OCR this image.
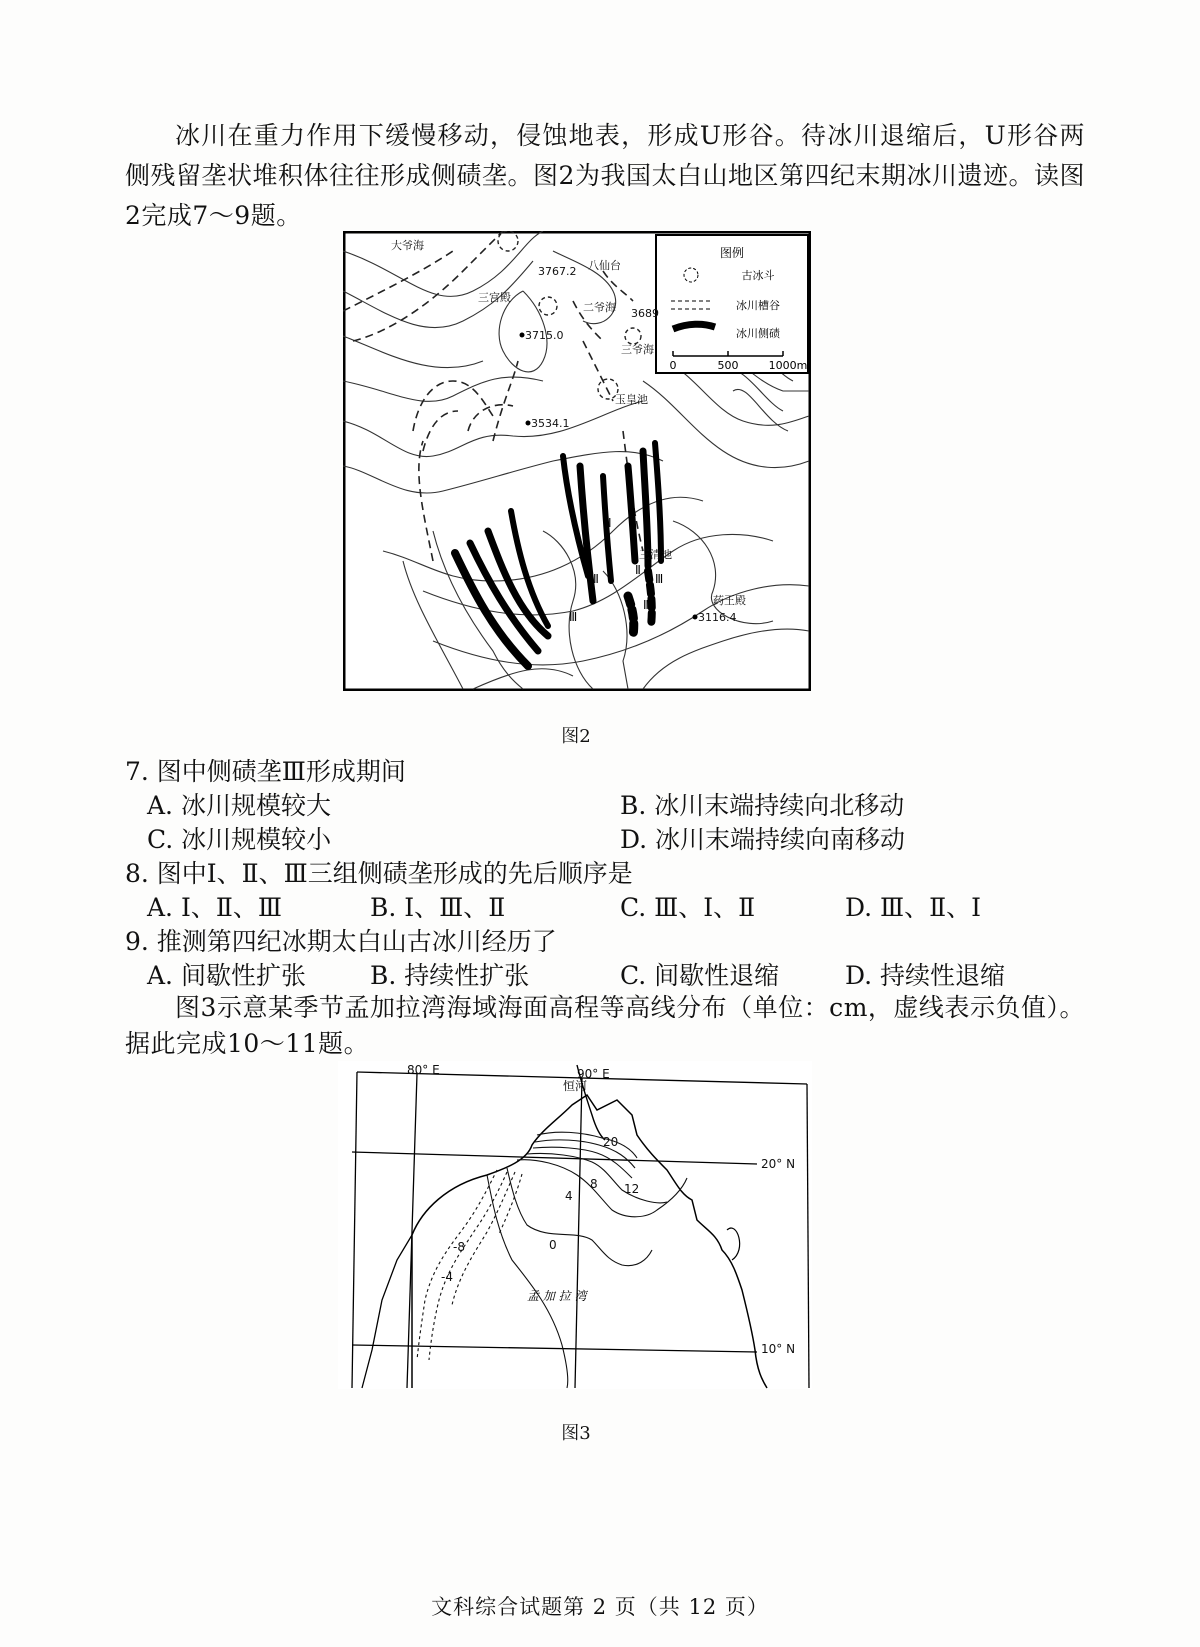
冰川在重力作用下缓慢移动，侵蚀地表，形成U形谷。待冰川退缩后，U形谷两侧残留垄状堆积体往往形成侧碛垄。图2为我国太白山地区第四纪末期冰川遗迹。读图2完成7～9题。
图例
古冰斗
冰川槽谷
冰川侧碛
0	500	1000m
大爷海
八仙台
二爷海
三爷海
三宫殿
玉皇池
三清池
药王殿
3767.2
3689
3715.0
3534.1
3116.4
Ⅰ
Ⅱ
Ⅲ
Ⅱ
Ⅲ
Ⅲ
图2
7. 图中侧碛垄Ⅲ形成期间
A. 冰川规模较大	B. 冰川末端持续向北移动
C. 冰川规模较小	D. 冰川末端持续向南移动
8. 图中Ⅰ、Ⅱ、Ⅲ三组侧碛垄形成的先后顺序是
A. Ⅰ、Ⅱ、Ⅲ	B. Ⅰ、Ⅲ、Ⅱ	C. Ⅲ、Ⅰ、Ⅱ	D. Ⅲ、Ⅱ、Ⅰ
9. 推测第四纪冰期太白山古冰川经历了
A. 间歇性扩张	B. 持续性扩张	C. 间歇性退缩	D. 持续性退缩
图3示意某季节孟加拉湾海域海面高程等高线分布（单位：cm，虚线表示负值）。据此完成10～11题。
80° E	90° E
20° N
10° N
恒河
20
8 12
4
0
-8
-4
孟 加 拉 湾
图3
文科综合试题第 2 页（共 12 页）
